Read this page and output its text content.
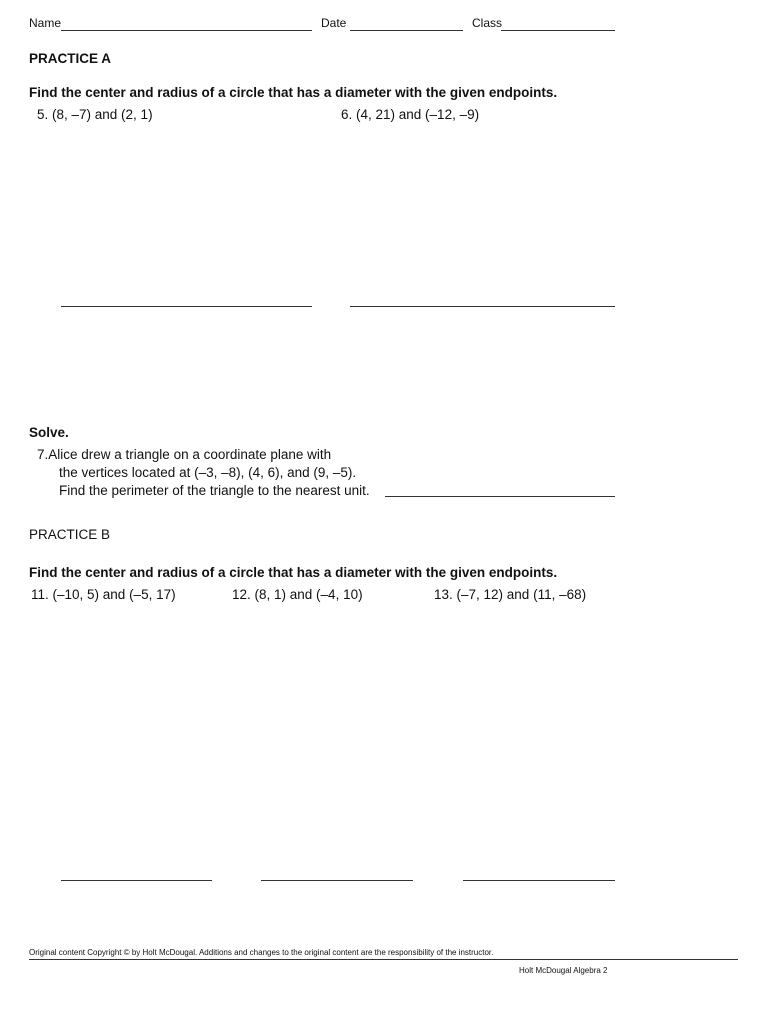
Name	Date	Class
PRACTICE A
Find the center and radius of a circle that has a diameter with the given endpoints.
5. (8, –7) and (2, 1)	6. (4, 21) and (–12, –9)
Solve.
7.Alice drew a triangle on a coordinate plane with
the vertices located at (–3, –8), (4, 6), and (9, –5).
Find the perimeter of the triangle to the nearest unit.
PRACTICE B
Find the center and radius of a circle that has a diameter with the given endpoints.
11. (–10, 5) and (–5, 17)	12. (8, 1) and (–4, 10)	13. (–7, 12) and (11, –68)
Original content Copyright © by Holt McDougal. Additions and changes to the original content are the responsibility of the instructor.
Holt McDougal Algebra 2
